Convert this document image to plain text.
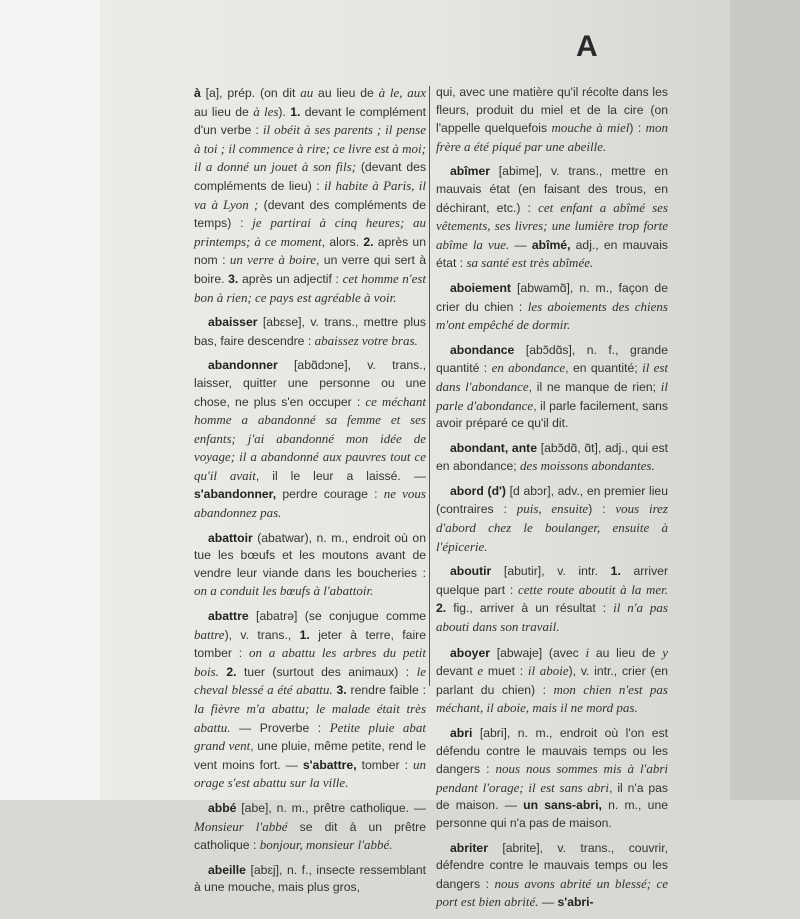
A

à [a], prép. (on dit au au lieu de à le, aux au lieu de à les). 1. devant le complément d'un verbe : il obéit à ses parents ; il pense à toi ; il commence à rire; ce livre est à moi; il a donné un jouet à son fils; (devant des compléments de lieu) : il habite à Paris, il va à Lyon ; (devant des compléments de temps) : je partirai à cinq heures; au printemps; à ce moment, alors. 2. après un nom : un verre à boire, un verre qui sert à boire. 3. après un adjectif : cet homme n'est bon à rien; ce pays est agréable à voir.

abaisser [abεse], v. trans., mettre plus bas, faire descendre : abaissez votre bras.

abandonner [abɑ̃dɔne], v. trans., laisser, quitter une personne ou une chose, ne plus s'en occuper : ce méchant homme a abandonné sa femme et ses enfants; j'ai abandonné mon idée de voyage; il a abandonné aux pauvres tout ce qu'il avait, il le leur a laissé. — s'abandonner, perdre courage : ne vous abandonnez pas.

abattoir (abatwar), n. m., endroit où on tue les bœufs et les moutons avant de vendre leur viande dans les boucheries : on a conduit les bœufs à l'abattoir.

abattre [abatrə] (se conjugue comme battre), v. trans., 1. jeter à terre, faire tomber : on a abattu les arbres du petit bois. 2. tuer (surtout des animaux) : le cheval blessé a été abattu. 3. rendre faible : la fièvre m'a abattu; le malade était très abattu. — Proverbe : Petite pluie abat grand vent, une pluie, même petite, rend le vent moins fort. — s'abattre, tomber : un orage s'est abattu sur la ville.

abbé [abe], n. m., prêtre catholique. — Monsieur l'abbé se dit à un prêtre catholique : bonjour, monsieur l'abbé.

abeille [abεj], n. f., insecte ressemblant à une mouche, mais plus gros,

qui, avec une matière qu'il récolte dans les fleurs, produit du miel et de la cire (on l'appelle quelquefois mouche à miel) : mon frère a été piqué par une abeille.

abîmer [abime], v. trans., mettre en mauvais état (en faisant des trous, en déchirant, etc.) : cet enfant a abîmé ses vêtements, ses livres; une lumière trop forte abîme la vue. — abîmé, adj., en mauvais état : sa santé est très abîmée.

aboiement [abwamɑ̃], n. m., façon de crier du chien : les aboiements des chiens m'ont empêché de dormir.

abondance [abɔ̃dɑ̃s], n. f., grande quantité : en abondance, en quantité; il est dans l'abondance, il ne manque de rien; il parle d'abondance, il parle facilement, sans avoir préparé ce qu'il dit.

abondant, ante [abɔ̃dɑ̃, ɑ̃t], adj., qui est en abondance; des moissons abondantes.

abord (d') [d abɔr], adv., en premier lieu (contraires : puis, ensuite) : vous irez d'abord chez le boulanger, ensuite à l'épicerie.

aboutir [abutir], v. intr. 1. arriver quelque part : cette route aboutit à la mer. 2. fig., arriver à un résultat : il n'a pas abouti dans son travail.

aboyer [abwaje] (avec i au lieu de y devant e muet : il aboie), v. intr., crier (en parlant du chien) : mon chien n'est pas méchant, il aboie, mais il ne mord pas.

abri [abri], n. m., endroit où l'on est défendu contre le mauvais temps ou les dangers : nous nous sommes mis à l'abri pendant l'orage; il est sans abri, il n'a pas de maison. — un sans-abri, n. m., une personne qui n'a pas de maison.

abriter [abrite], v. trans., couvrir, défendre contre le mauvais temps ou les dangers : nous avons abrité un blessé; ce port est bien abrité. — s'abri-
